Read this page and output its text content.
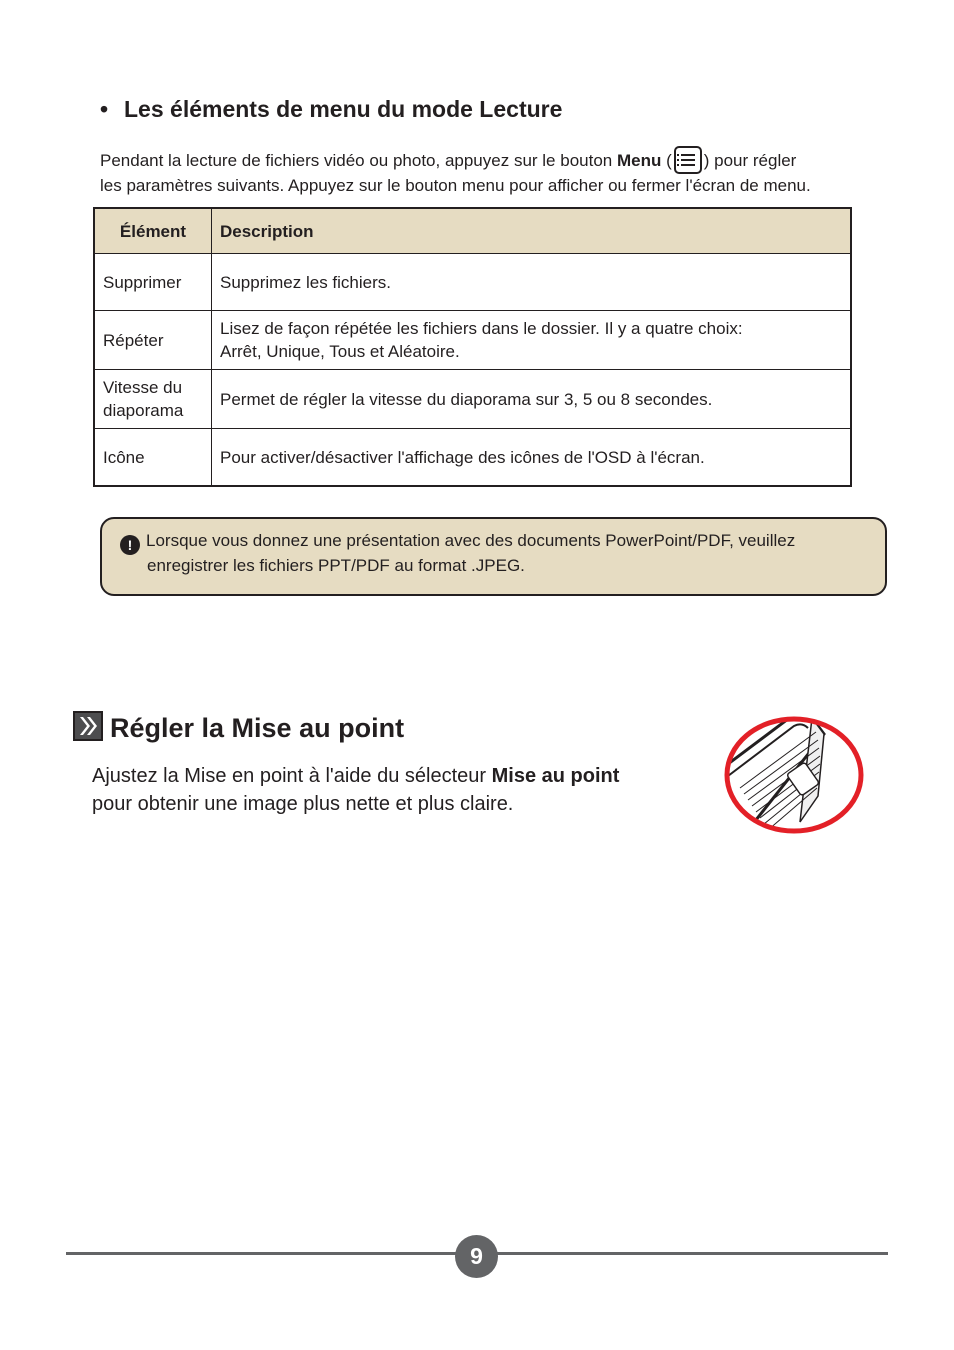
• Les éléments de menu du mode Lecture
Pendant la lecture de fichiers vidéo ou photo, appuyez sur le bouton Menu ( ) pour régler
les paramètres suivants. Appuyez sur le bouton menu pour afficher ou fermer l'écran de menu.
Élément	Description
Supprimer	Supprimez les fichiers.
Répéter	Lisez de façon répétée les fichiers dans le dossier. Il y a quatre choix:
Arrêt, Unique, Tous et Aléatoire.
Vitesse du
diaporama	Permet de régler la vitesse du diaporama sur 3, 5 ou 8 secondes.
Icône	Pour activer/désactiver l'affichage des icônes de l'OSD à l'écran.
! Lorsque vous donnez une présentation avec des documents PowerPoint/PDF, veuillez
enregistrer les fichiers PPT/PDF au format .JPEG.
Régler la Mise au point
Ajustez la Mise en point à l'aide du sélecteur Mise au point
pour obtenir une image plus nette et plus claire.
9
